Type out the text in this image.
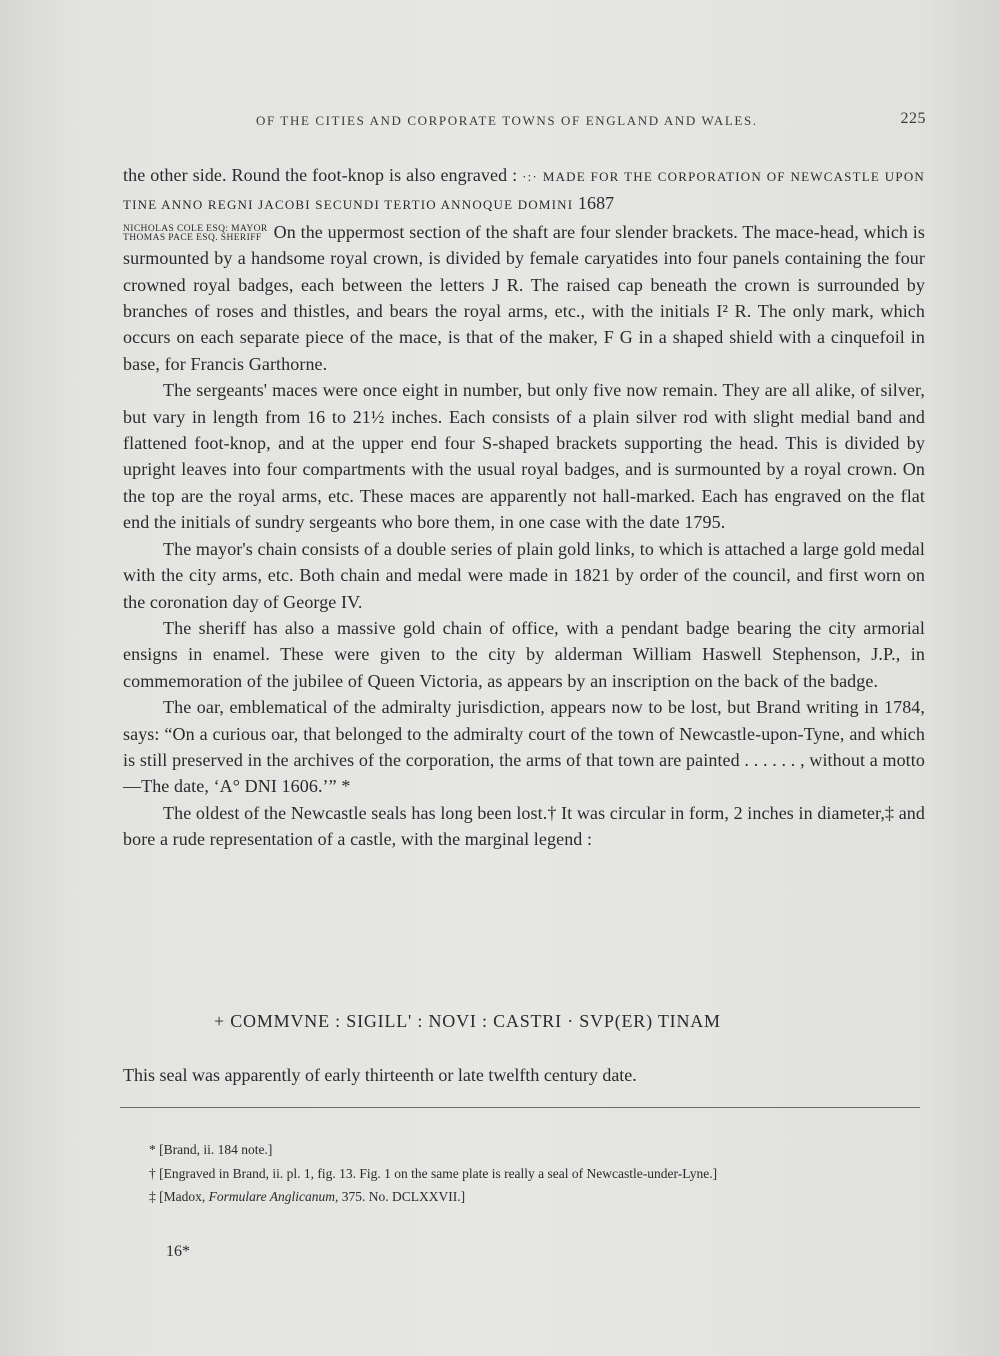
OF THE CITIES AND CORPORATE TOWNS OF ENGLAND AND WALES.	225

the other side. Round the foot-knop is also engraved : ·:· MADE FOR THE CORPORATION OF NEWCASTLE UPON TINE ANNO REGNI JACOBI SECUNDI TERTIO ANNOQUE DOMINI 1687

NICHOLAS COLE ESQ: MAYOR
THOMAS PACE ESQ. SHERIFF On the uppermost section of the shaft are four slender brackets. The mace-head, which is surmounted by a handsome royal crown, is divided by female caryatides into four panels containing the four crowned royal badges, each between the letters J R. The raised cap beneath the crown is surrounded by branches of roses and thistles, and bears the royal arms, etc., with the initials I² R. The only mark, which occurs on each separate piece of the mace, is that of the maker, F G in a shaped shield with a cinquefoil in base, for Francis Garthorne.

The sergeants' maces were once eight in number, but only five now remain. They are all alike, of silver, but vary in length from 16 to 21½ inches. Each consists of a plain silver rod with slight medial band and flattened foot-knop, and at the upper end four S-shaped brackets supporting the head. This is divided by upright leaves into four compartments with the usual royal badges, and is surmounted by a royal crown. On the top are the royal arms, etc. These maces are apparently not hall-marked. Each has engraved on the flat end the initials of sundry sergeants who bore them, in one case with the date 1795.

The mayor's chain consists of a double series of plain gold links, to which is attached a large gold medal with the city arms, etc. Both chain and medal were made in 1821 by order of the council, and first worn on the coronation day of George IV.

The sheriff has also a massive gold chain of office, with a pendant badge bearing the city armorial ensigns in enamel. These were given to the city by alderman William Haswell Stephenson, J.P., in commemoration of the jubilee of Queen Victoria, as appears by an inscription on the back of the badge.

The oar, emblematical of the admiralty jurisdiction, appears now to be lost, but Brand writing in 1784, says: “On a curious oar, that belonged to the admiralty court of the town of Newcastle-upon-Tyne, and which is still preserved in the archives of the corporation, the arms of that town are painted . . . . . . , without a motto—The date, ‘A° DNI 1606.’” *

The oldest of the Newcastle seals has long been lost.† It was circular in form, 2 inches in diameter,‡ and bore a rude representation of a castle, with the marginal legend :

+ COMMVNE : SIGILL' : NOVI : CASTRI · SVP(ER) TINAM
This seal was apparently of early thirteenth or late twelfth century date.

* [Brand, ii. 184 note.]

† [Engraved in Brand, ii. pl. 1, fig. 13. Fig. 1 on the same plate is really a seal of Newcastle-under-Lyne.]

‡ [Madox, Formulare Anglicanum, 375. No. DCLXXVII.]

16*
